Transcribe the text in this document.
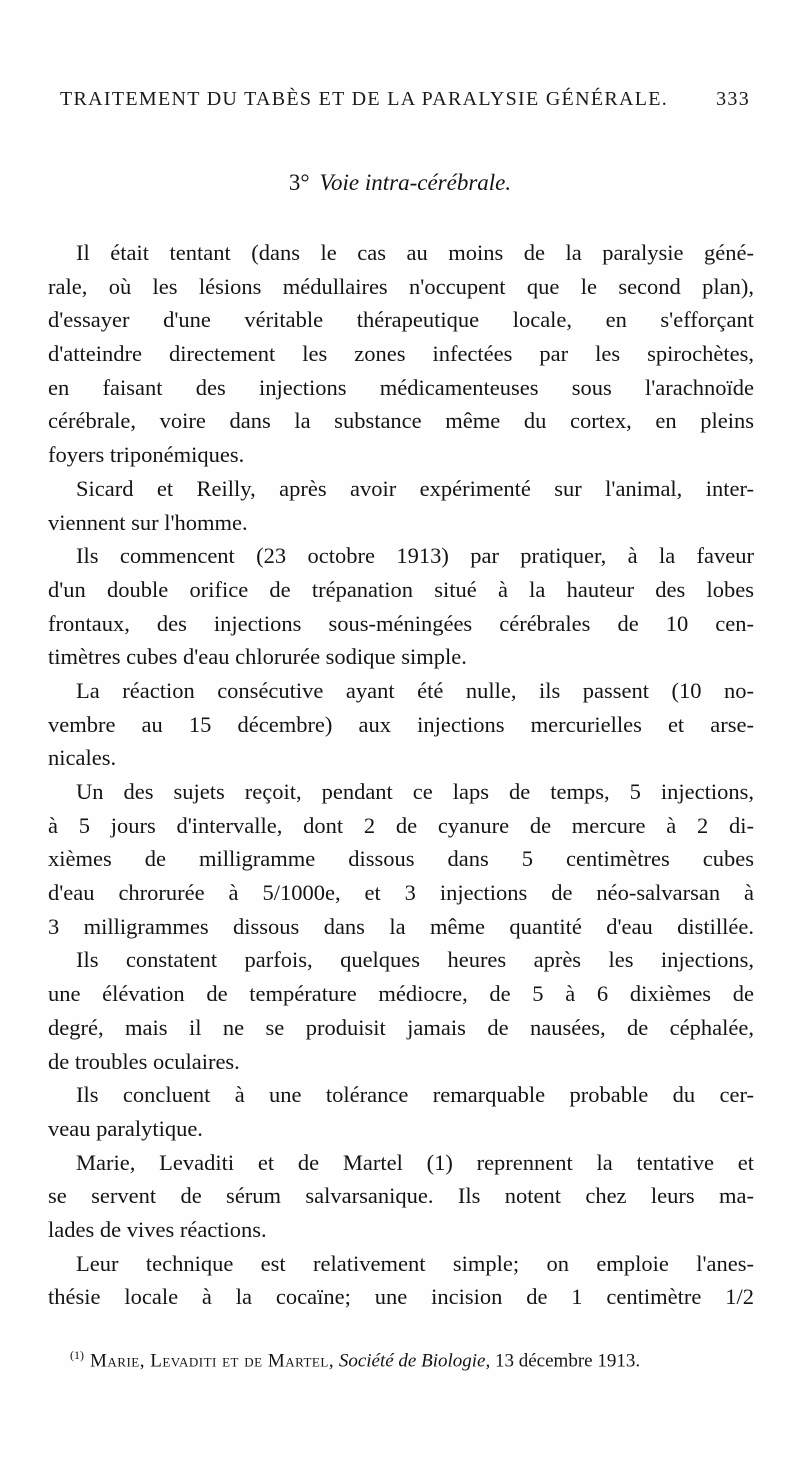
TRAITEMENT DU TABÈS ET DE LA PARALYSIE GÉNÉRALE. 333
3° Voie intra-cérébrale.
Il était tentant (dans le cas au moins de la paralysie géné-
rale, où les lésions médullaires n'occupent que le second plan),
d'essayer d'une véritable thérapeutique locale, en s'efforçant
d'atteindre directement les zones infectées par les spirochètes,
en faisant des injections médicamenteuses sous l'arachnoïde
cérébrale, voire dans la substance même du cortex, en pleins
foyers triponémiques.
Sicard et Reilly, après avoir expérimenté sur l'animal, inter-
viennent sur l'homme.
Ils commencent (23 octobre 1913) par pratiquer, à la faveur
d'un double orifice de trépanation situé à la hauteur des lobes
frontaux, des injections sous-méningées cérébrales de 10 cen-
timètres cubes d'eau chlorurée sodique simple.
La réaction consécutive ayant été nulle, ils passent (10 no-
vembre au 15 décembre) aux injections mercurielles et arse-
nicales.
Un des sujets reçoit, pendant ce laps de temps, 5 injections,
à 5 jours d'intervalle, dont 2 de cyanure de mercure à 2 di-
xièmes de milligramme dissous dans 5 centimètres cubes
d'eau chrorurée à 5/1000e, et 3 injections de néo-salvarsan à
3 milligrammes dissous dans la même quantité d'eau distillée.
Ils constatent parfois, quelques heures après les injections,
une élévation de température médiocre, de 5 à 6 dixièmes de
degré, mais il ne se produisit jamais de nausées, de céphalée,
de troubles oculaires.
Ils concluent à une tolérance remarquable probable du cer-
veau paralytique.
Marie, Levaditi et de Martel (1) reprennent la tentative et
se servent de sérum salvarsanique. Ils notent chez leurs ma-
lades de vives réactions.
Leur technique est relativement simple; on emploie l'anes-
thésie locale à la cocaïne; une incision de 1 centimètre 1/2
$^{(1)}$ Marie, Levaditi et de Martel, Société de Biologie, 13 décembre 1913.
